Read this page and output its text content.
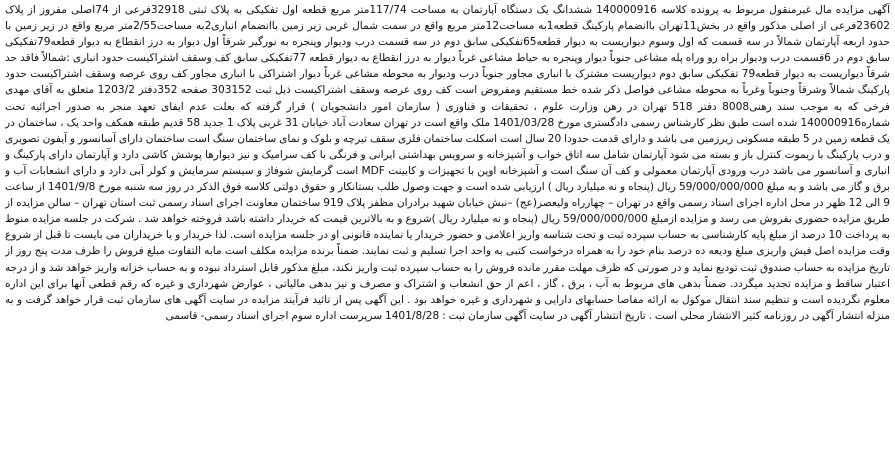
آگهی مزایده مال غیرمنقول مربوط به پرونده کلاسه 140000916 ششدانگ یک دستگاه آپارتمان به مساحت 117/74متر مربع قطعه اول تفکیکی به پلاک ثبتی 32918فرعی از 74اصلی مفروز از پلاک 23602فرعی از اصلی مذکور واقع در بخش11تهران باانضمام پارکینگ قطعه1به مساحت12متر مربع واقع در سمت شمال غربی زیر زمین باانضمام انباری2به مساحت2/55متر مربع واقع در زیر زمین با حدود اربعه آپارتمان شمالاً در سه قسمت که اول وسوم دیواریست به دیوار قطعه65تفکیکی سابق دوم در سه قسمت درب ودیوار وپنجره به نورگیر شرقاً اول دیوار به درز انقطاع به دیوار قطعه79تفکیکی سابق دوم در 6قسمت درب ودیوار براه رو وراه پله مشاعی جنوباً دیوار وپنجره به حیاط مشاعی غرباً دیوار به درز انقطاع به دیوار قطعه 77تفکیکی سابق کف وسقف اشتراکیست حدود انباری :شمالاً فاقد حد شرقاً دیواریست به دیوار قطعه79 تفکیکی سابق دوم دیواریست مشترک با انباری مجاور جنوباً درب ودیوار به محوطه مشاعی غرباً دیوار اشتراکی با انباری مجاور کف روی عرصه وسقف اشتراکیست حدود پارکینگ شمالاً وشرقاً وجنوباً وغرباً به محوطه مشاعی فواصل ذکر شده خط مستقیم ومفروض است کف روی عرصه وسقف اشتراکیست ذیل ثبت 303152 صفحه 352دفتر 1203/2 متعلق به آقای مهدی فرخی که به موجب سند رهنی8008 دفتر 518 تهران در رهن وزارت علوم ، تحقیقات و فناوری ( سازمان امور دانشجویان ) قرار گرفته که بعلت عدم ایفای تعهد منجر به صدور اجرائیه تحت شماره140000916 شده است طبق نظر کارشناس رسمی دادگستری مورخ 1401/03/28 ملک واقع است در تهران سعادت آباد خیابان 31 غربی پلاک 1 جدید 58 قدیم طبقه همکف واحد یک ، ساختمان در یک قطعه زمین در 5 طبقه مسکونی زیرزمین می باشد و دارای قدمت حدودا 20 سال است اسکلت ساختمان فلزی سقف تیرچه و بلوک و نمای ساختمان سنگ است ساختمان دارای آسانسور و آیفون تصویری و درب پارکینگ با ریموت کنترل باز و بسته می شود آپارتمان شامل سه اتاق خواب و آشپزخانه و سرویس بهداشتی ایرانی و فرنگی با کف سرامیک و نیز دیوارها پوشش کاشی دارد و آپارتمان دارای پارکینگ و انباری و آسانسور می باشد درب ورودی آپارتمان معمولی و کف آن سنگ است و آشپزخانه اوپن با تجهیزات و کابینت MDF است گرمایش شوفاژ و سیستم سرمایش و کولر آبی دارد و دارای انشعابات آب و برق و گاز می باشد و به مبلغ 59/000/000/000 ریال (پنجاه و نه میلیارد ریال ) ارزیابی شده است و جهت وصول طلب بستانکار و حقوق دولتی کلاسه فوق الذکر در روز سه شنبه مورخ 1401/9/8 از ساعت 9 الی 12 ظهر در محل اداره اجرای اسناد رسمی واقع در تهران – چهارراه ولیعصر(عج) –نبش خیابان شهید برادران مظفر پلاک 919 ساختمان معاونت اجرای اسناد رسمی ثبت استان تهران – سالن مزایده از طریق مزایده حضوری بفروش می رسد و مزایده ازمبلغ 59/000/000/000 ریال (پنجاه و نه میلیارد ریال )شروع و به بالاترین قیمت که خریدار داشته باشد فروخته خواهد شد . شرکت در جلسه مزایده منوط به پرداخت 10 درصد از مبلغ پایه کارشناسی به حساب سپرده ثبت و تحت شناسه واریز اعلامی و حضور خریدار یا نماینده قانونی او در جلسه مزایده است. لذا خریدار و یا خریداران می بایست تا قبل از شروع وقت مزایده اصل فیش واریزی مبلغ ودیعه ده درصد بنام خود را به همراه درخواست کتبی به واحد اجرا تسلیم و ثبت نمایند. ضمناً برنده مزایده مکلف است مابه التفاوت مبلغ فروش را ظرف مدت پنج روز از تاریخ مزایده به حساب صندوق ثبت تودیع نماید و در صورتی که ظرف مهلت مقرر مانده فروش را به حساب سپرده ثبت واریز نکند، مبلغ مذکور قابل استرداد نبوده و به حساب خزانه واریز خواهد شد و از درجه اعتبار ساقط و مزایده تجدید میگردد. ضمناً بدهی های مربوط به آب ، برق ، گاز ، اعم از حق انشعاب و اشتراک و مصرف و نیز بدهی مالیاتی ، عوارض شهرداری و غیره که رقم قطعی آنها برای این اداره معلوم نگردیده است و تنظیم سند انتقال موکول به ارائه مفاصا حسابهای دارایی و شهرداری و غیره خواهد بود . این آگهی پس از تائید فرآیند مزایده در سایت آگهی های سازمان ثبت قرار خواهد گرفت و به منزله انتشار آگهی در روزنامه کثیر الانتشار محلی است . تاریخ انتشار آگهی در سایت آگهی سازمان ثبت : 1401/8/28 سرپرست اداره سوم اجرای اسناد رسمی- قاسمی
